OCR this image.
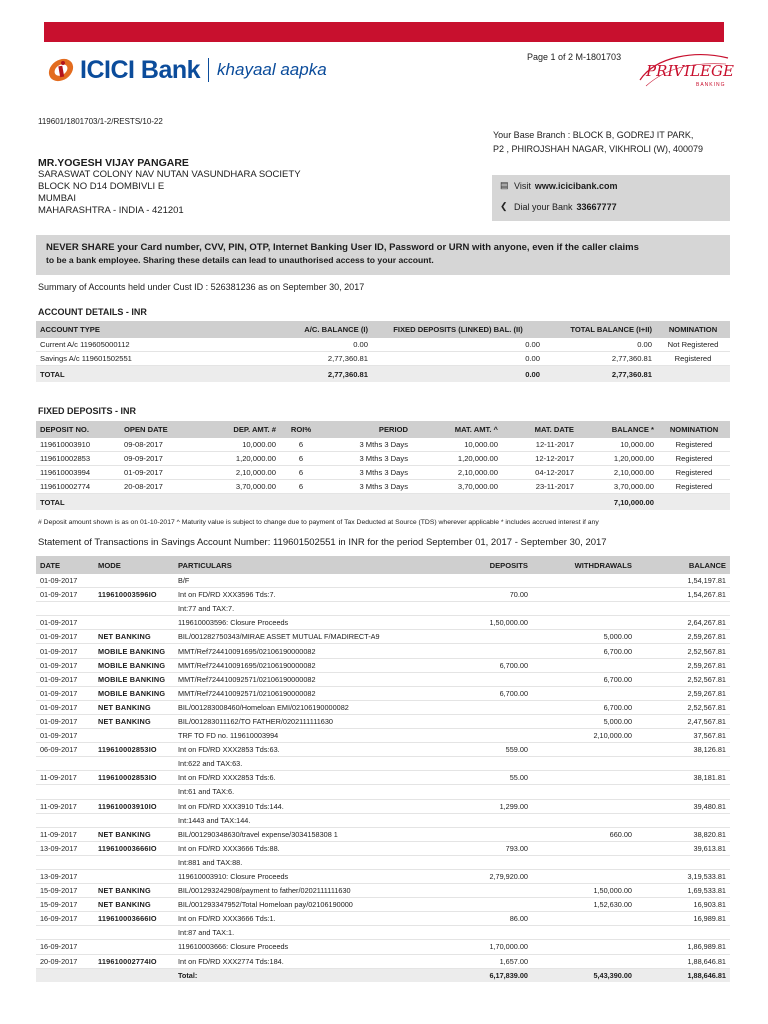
ICICI Bank khayaal aapka
Page 1 of 2 M-1801703
PRIVILEGE
BANKING
119601/1801703/1-2/RESTS/10-22
Your Base Branch : BLOCK B, GODREJ IT PARK,
P2 , PHIROJSHAH NAGAR, VIKHROLI (W), 400079
MR.YOGESH VIJAY PANGARE
SARASWAT COLONY NAV NUTAN VASUNDHARA SOCIETY
BLOCK NO D14 DOMBIVLI E
MUMBAI
MAHARASHTRA - INDIA - 421201
▤ Visit www.icicibank.com
❮ Dial your Bank 33667777
NEVER SHARE your Card number, CVV, PIN, OTP, Internet Banking User ID, Password or URN with anyone, even if the caller claims
to be a bank employee. Sharing these details can lead to unauthorised access to your account.
Summary of Accounts held under Cust ID : 526381236 as on September 30, 2017
ACCOUNT DETAILS - INR
ACCOUNT TYPE	A/C. BALANCE (I)	FIXED DEPOSITS (LINKED) BAL. (II)	TOTAL BALANCE (I+II)	NOMINATION
Current A/c 119605000112	0.00	0.00	0.00	Not Registered
Savings A/c 119601502551	2,77,360.81	0.00	2,77,360.81	Registered
TOTAL	2,77,360.81	0.00	2,77,360.81	
FIXED DEPOSITS - INR
DEPOSIT NO.	OPEN DATE	DEP. AMT. #	ROI%	PERIOD	MAT. AMT. ^	MAT. DATE	BALANCE *	NOMINATION
119610003910	09-08-2017	10,000.00	6	3 Mths 3 Days	10,000.00	12-11-2017	10,000.00	Registered
119610002853	09-09-2017	1,20,000.00	6	3 Mths 3 Days	1,20,000.00	12-12-2017	1,20,000.00	Registered
119610003994	01-09-2017	2,10,000.00	6	3 Mths 3 Days	2,10,000.00	04-12-2017	2,10,000.00	Registered
119610002774	20-08-2017	3,70,000.00	6	3 Mths 3 Days	3,70,000.00	23-11-2017	3,70,000.00	Registered
TOTAL							7,10,000.00	
# Deposit amount shown is as on 01-10-2017 ^ Maturity value is subject to change due to payment of Tax Deducted at Source (TDS) wherever applicable * includes accrued interest if any
Statement of Transactions in Savings Account Number: 119601502551 in INR for the period September 01, 2017 - September 30, 2017
DATE	MODE	PARTICULARS	DEPOSITS	WITHDRAWALS	BALANCE
01-09-2017		B/F			1,54,197.81
01-09-2017	119610003596IO	Int on FD/RD XXX3596 Tds:7.	70.00		1,54,267.81
		Int:77 and TAX:7.			
01-09-2017		119610003596: Closure Proceeds	1,50,000.00		2,64,267.81
01-09-2017	NET BANKING	BIL/001282750343/MIRAE ASSET MUTUAL F/MADIRECT-A9		5,000.00	2,59,267.81
01-09-2017	MOBILE BANKING	MMT/Ref724410091695/02106190000082		6,700.00	2,52,567.81
01-09-2017	MOBILE BANKING	MMT/Ref724410091695/02106190000082	6,700.00		2,59,267.81
01-09-2017	MOBILE BANKING	MMT/Ref724410092571/02106190000082		6,700.00	2,52,567.81
01-09-2017	MOBILE BANKING	MMT/Ref724410092571/02106190000082	6,700.00		2,59,267.81
01-09-2017	NET BANKING	BIL/001283008460/Homeloan EMI/02106190000082		6,700.00	2,52,567.81
01-09-2017	NET BANKING	BIL/001283011162/TO FATHER/0202111111630		5,000.00	2,47,567.81
01-09-2017		TRF TO FD no. 119610003994		2,10,000.00	37,567.81
06-09-2017	119610002853IO	Int on FD/RD XXX2853 Tds:63.	559.00		38,126.81
		Int:622 and TAX:63.			
11-09-2017	119610002853IO	Int on FD/RD XXX2853 Tds:6.	55.00		38,181.81
		Int:61 and TAX:6.			
11-09-2017	119610003910IO	Int on FD/RD XXX3910 Tds:144.	1,299.00		39,480.81
		Int:1443 and TAX:144.			
11-09-2017	NET BANKING	BIL/001290348630/travel expense/3034158308 1		660.00	38,820.81
13-09-2017	119610003666IO	Int on FD/RD XXX3666 Tds:88.	793.00		39,613.81
		Int:881 and TAX:88.			
13-09-2017		119610003910: Closure Proceeds	2,79,920.00		3,19,533.81
15-09-2017	NET BANKING	BIL/001293242908/payment to father/0202111111630		1,50,000.00	1,69,533.81
15-09-2017	NET BANKING	BIL/001293347952/Total Homeloan pay/02106190000		1,52,630.00	16,903.81
16-09-2017	119610003666IO	Int on FD/RD XXX3666 Tds:1.	86.00		16,989.81
		Int:87 and TAX:1.			
16-09-2017		119610003666: Closure Proceeds	1,70,000.00		1,86,989.81
20-09-2017	119610002774IO	Int on FD/RD XXX2774 Tds:184.	1,657.00		1,88,646.81
		Total:	6,17,839.00	5,43,390.00	1,88,646.81
